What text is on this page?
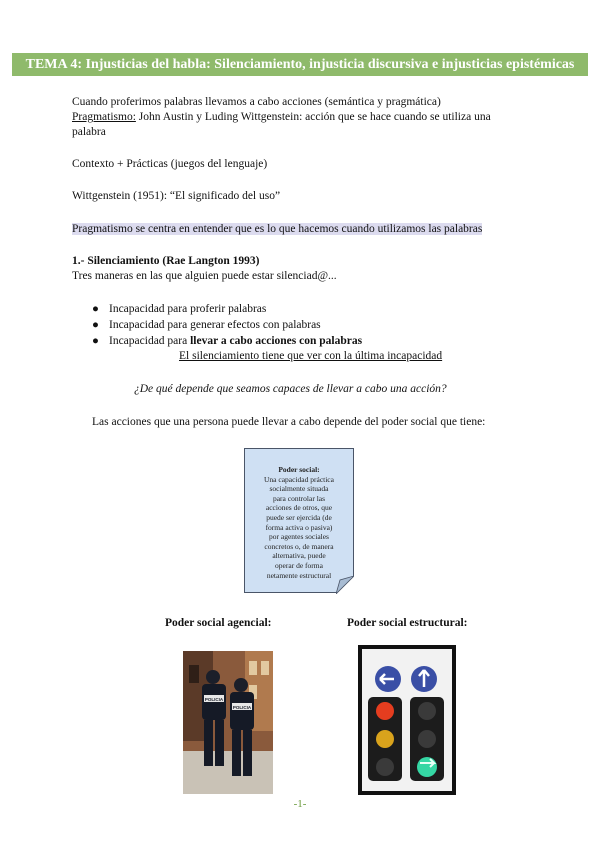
TEMA 4: Injusticias del habla: Silenciamiento, injusticia discursiva e injusticias epistémicas
Cuando proferimos palabras llevamos a cabo acciones (semántica y pragmática)
Pragmatismo: John Austin y Luding Wittgenstein: acción que se hace cuando se utiliza una
palabra
Contexto + Prácticas (juegos del lenguaje)
Wittgenstein (1951): “El significado del uso”
Pragmatismo se centra en entender que es lo que hacemos cuando utilizamos las palabras
1.- Silenciamiento (Rae Langton 1993)
Tres maneras en las que alguien puede estar silenciad@...
● Incapacidad para proferir palabras
● Incapacidad para generar efectos con palabras
● Incapacidad para llevar a cabo acciones con palabras
El silenciamiento tiene que ver con la última incapacidad
¿De qué depende que seamos capaces de llevar a cabo una acción?
Las acciones que una persona puede llevar a cabo depende del poder social que tiene:
Poder social:
Una capacidad práctica
socialmente situada
para controlar las
acciones de otros, que
puede ser ejercida (de
forma activa o pasiva)
por agentes sociales
concretos o, de manera
alternativa, puede
operar de forma
netamente estructural
Poder social agencial:	Poder social estructural:
POLICIA
POLICIA
-1-
